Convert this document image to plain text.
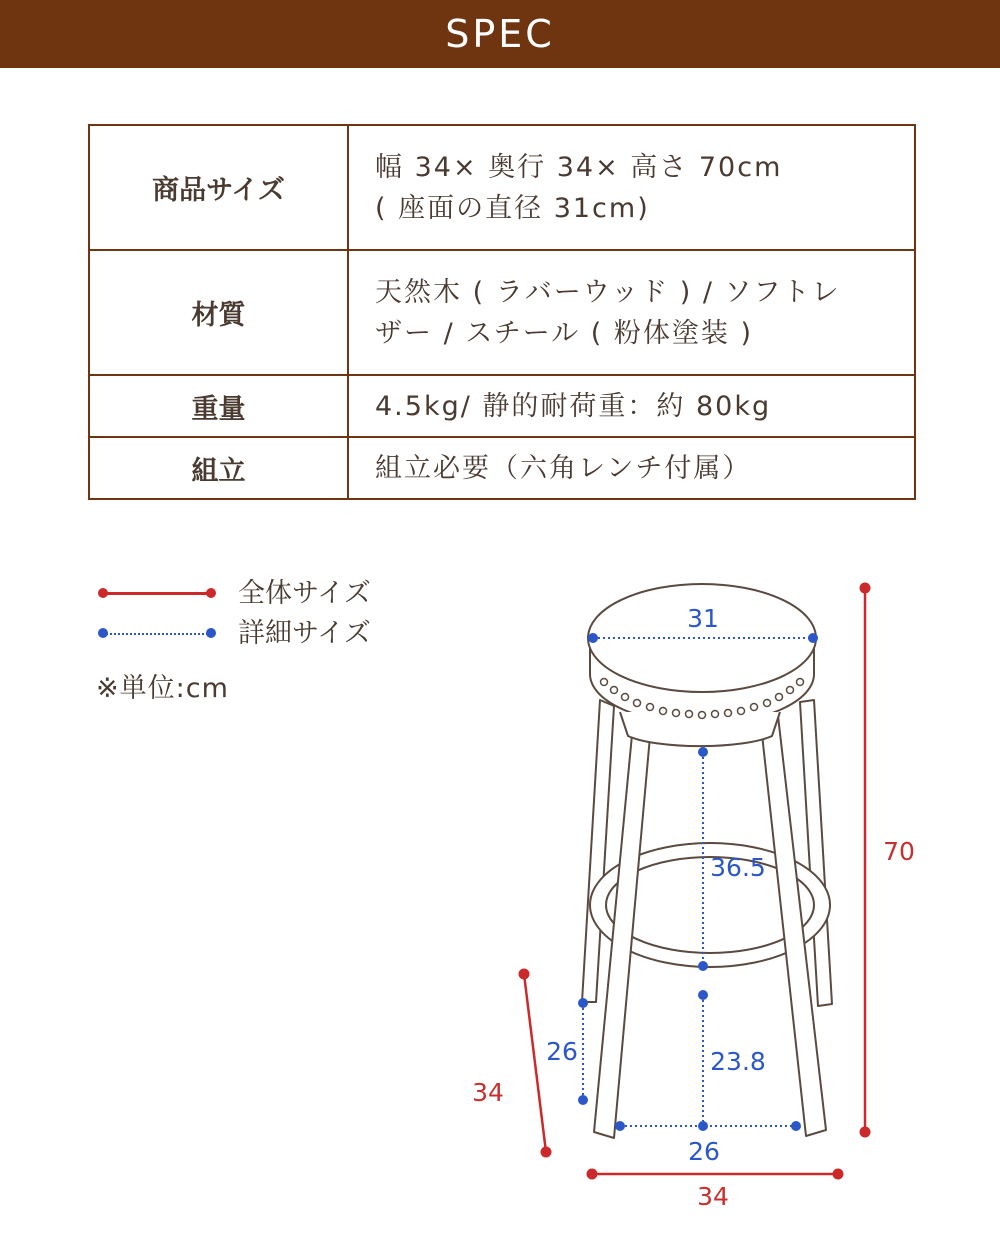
SPEC
商品サイズ	幅 34× 奥行 34× 高さ 70cm
( 座面の直径 31cm)

材質	天然木 ( ラバーウッド ) / ソフトレ
ザー / スチール ( 粉体塗装 )

重量	4.5kg/ 静的耐荷重：約 80kg

組立	組立必要（六角レンチ付属）
全体サイズ
詳細サイズ
※単位:cm
31
36.5
23.8
26
26
70
34
34
